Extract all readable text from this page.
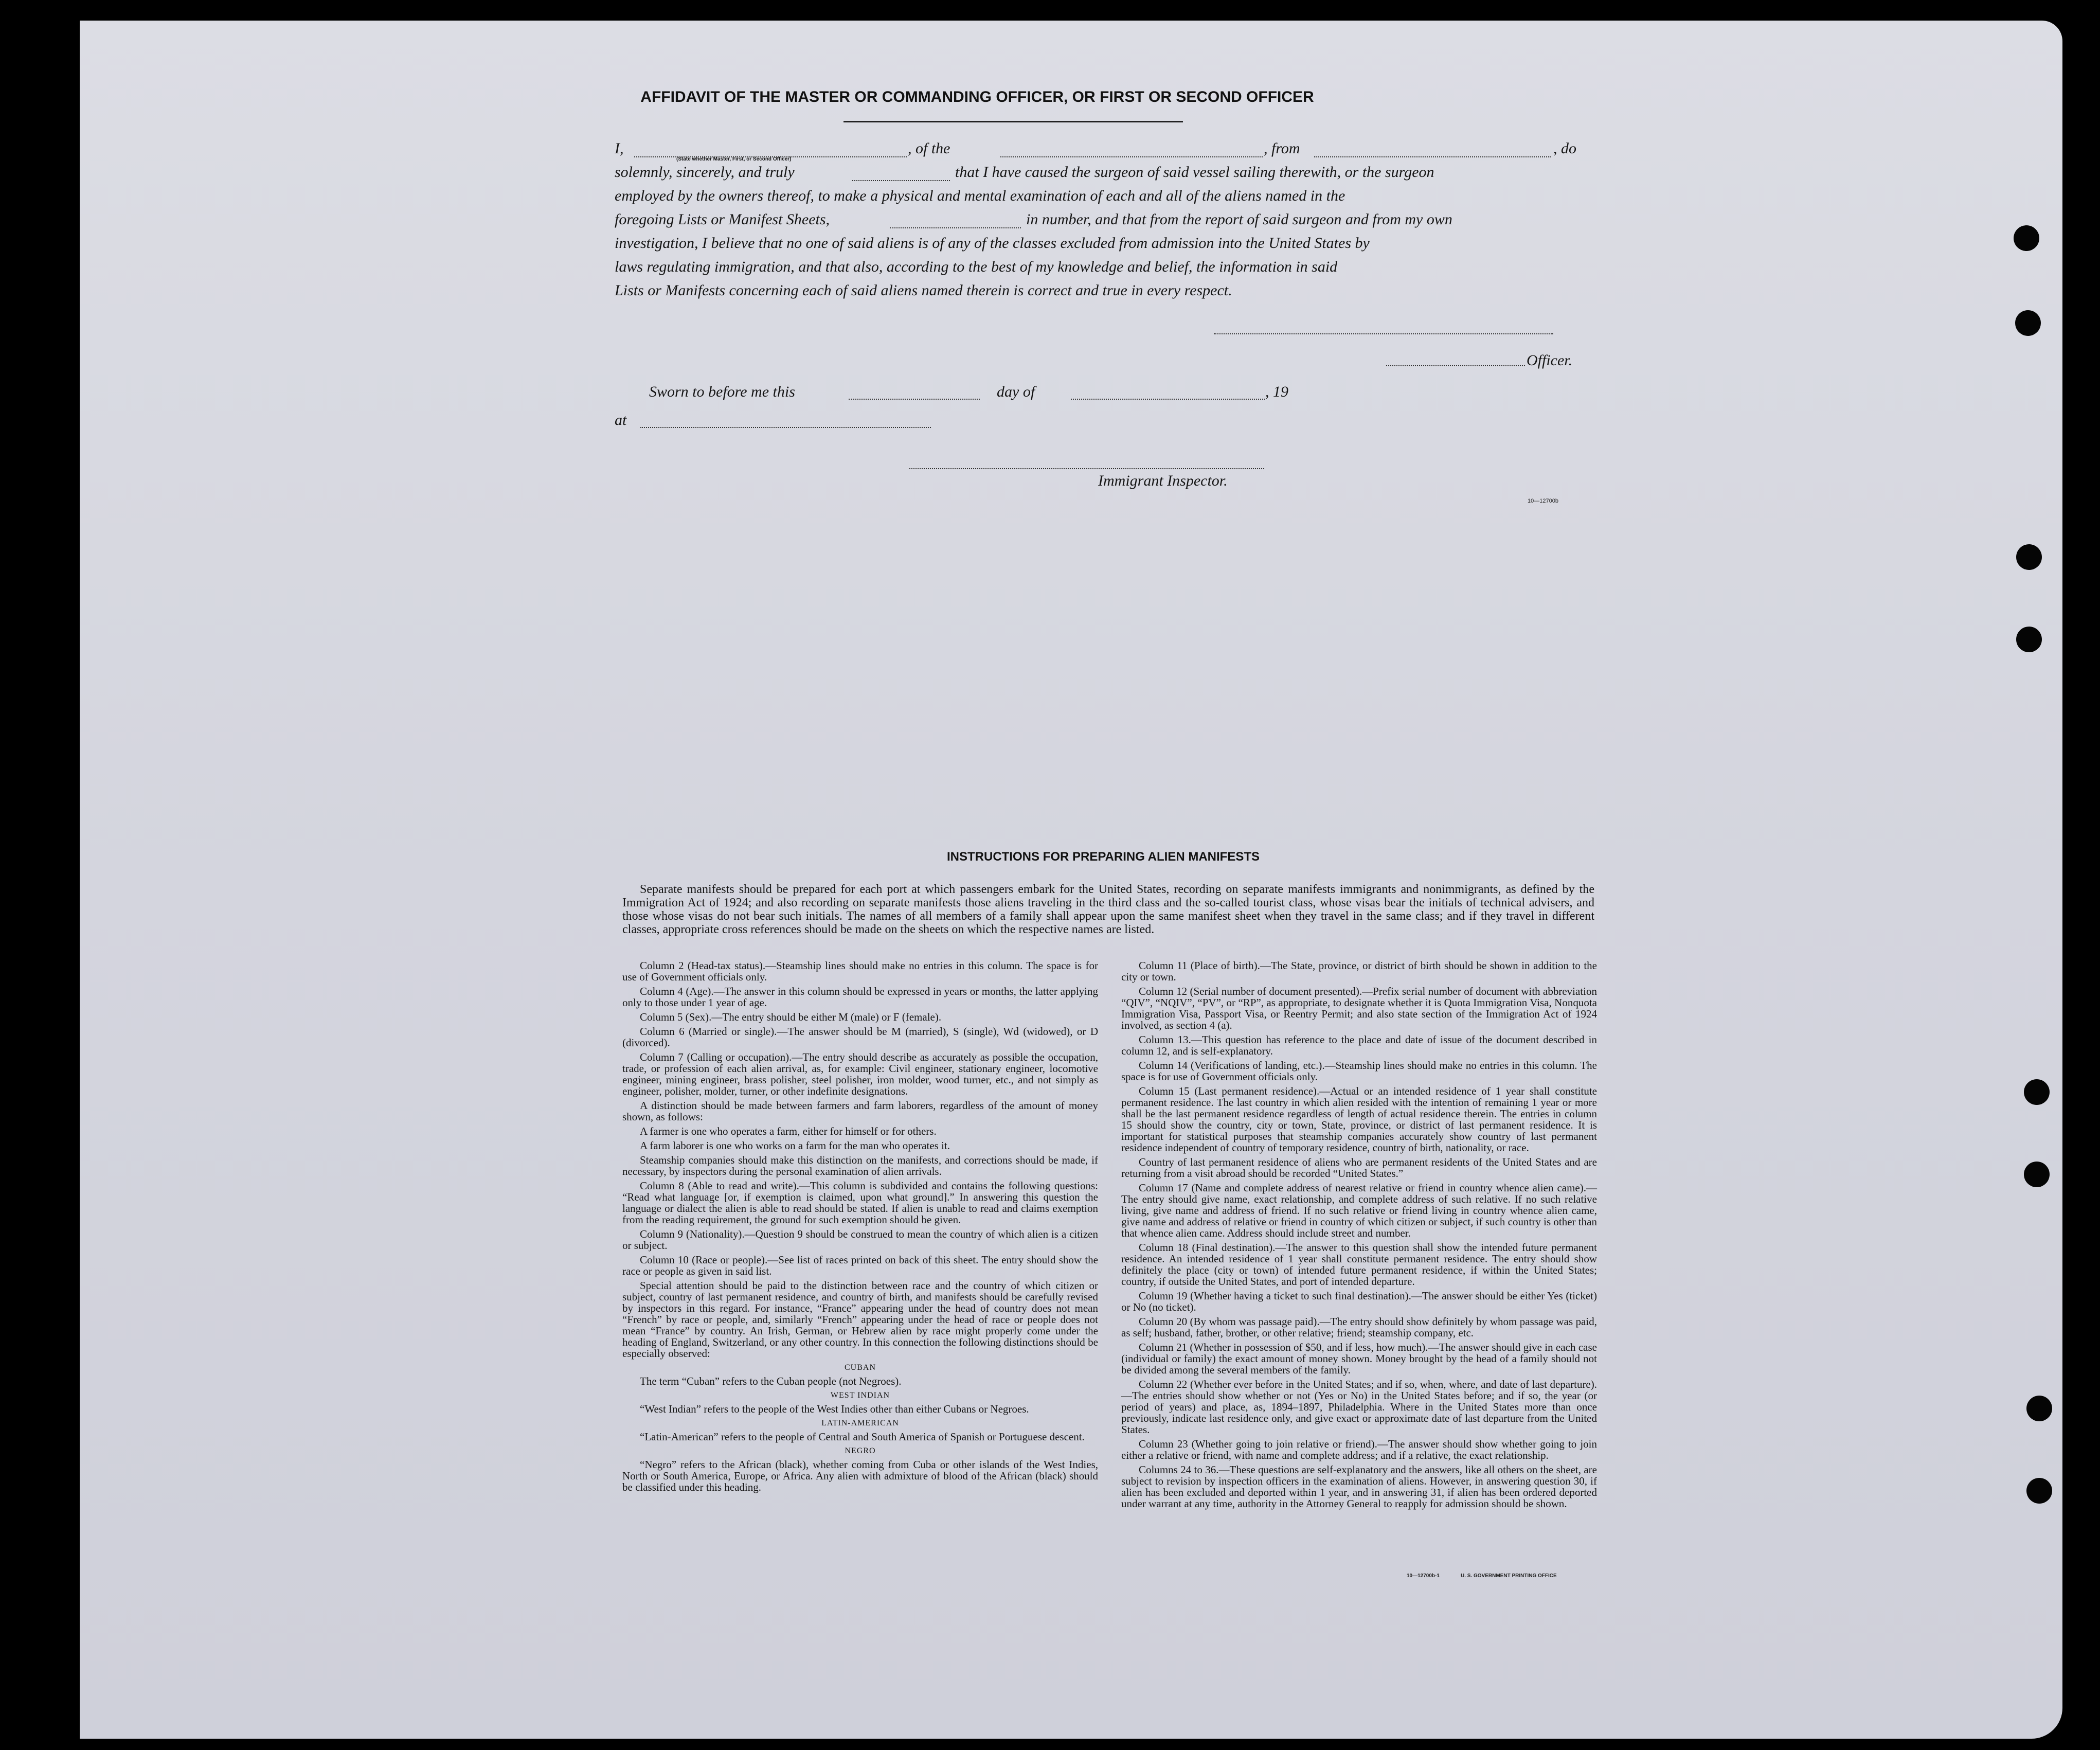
AFFIDAVIT OF THE MASTER OR COMMANDING OFFICER, OR FIRST OR SECOND OFFICER
I,
(State whether Master, First, or Second Officer)
, of the	, from	, do
solemnly, sincerely, and truly	that I have caused the surgeon of said vessel sailing therewith, or the surgeon
employed by the owners thereof, to make a physical and mental examination of each and all of the aliens named in the
foregoing Lists or Manifest Sheets,	in number, and that from the report of said surgeon and from my own
investigation, I believe that no one of said aliens is of any of the classes excluded from admission into the United States by
laws regulating immigration, and that also, according to the best of my knowledge and belief, the information in said
Lists or Manifests concerning each of said aliens named therein is correct and true in every respect.
Officer.
Sworn to before me this	day of	, 19
at
Immigrant Inspector.
10—12700b
INSTRUCTIONS FOR PREPARING ALIEN MANIFESTS

Separate manifests should be prepared for each port at which passengers embark for the United States, recording on separate manifests immigrants and nonimmigrants, as defined by the Immigration Act of 1924; and also recording on separate manifests those aliens traveling in the third class and the so-called tourist class, whose visas bear the initials of technical advisers, and those whose visas do not bear such initials. The names of all members of a family shall appear upon the same manifest sheet when they travel in the same class; and if they travel in different classes, appropriate cross references should be made on the sheets on which the respective names are listed.

Column 2 (Head-tax status).—Steamship lines should make no entries in this column. The space is for use of Government officials only.

Column 4 (Age).—The answer in this column should be expressed in years or months, the latter applying only to those under 1 year of age.

Column 5 (Sex).—The entry should be either M (male) or F (female).

Column 6 (Married or single).—The answer should be M (married), S (single), Wd (widowed), or D (divorced).

Column 7 (Calling or occupation).—The entry should describe as accurately as possible the occupation, trade, or profession of each alien arrival, as, for example: Civil engineer, stationary engineer, locomotive engineer, mining engineer, brass polisher, steel polisher, iron molder, wood turner, etc., and not simply as engineer, polisher, molder, turner, or other indefinite designations.

A distinction should be made between farmers and farm laborers, regardless of the amount of money shown, as follows:

A farmer is one who operates a farm, either for himself or for others.

A farm laborer is one who works on a farm for the man who operates it.

Steamship companies should make this distinction on the manifests, and corrections should be made, if necessary, by inspectors during the personal examination of alien arrivals.

Column 8 (Able to read and write).—This column is subdivided and contains the following questions: “Read what language [or, if exemption is claimed, upon what ground].” In answering this question the language or dialect the alien is able to read should be stated. If alien is unable to read and claims exemption from the reading requirement, the ground for such exemption should be given.

Column 9 (Nationality).—Question 9 should be construed to mean the country of which alien is a citizen or subject.

Column 10 (Race or people).—See list of races printed on back of this sheet. The entry should show the race or people as given in said list.

Special attention should be paid to the distinction between race and the country of which citizen or subject, country of last permanent residence, and country of birth, and manifests should be carefully revised by inspectors in this regard. For instance, “France” appearing under the head of country does not mean “French” by race or people, and, similarly “French” appearing under the head of race or people does not mean “France” by country. An Irish, German, or Hebrew alien by race might properly come under the heading of England, Switzerland, or any other country. In this connection the following distinctions should be especially observed:

CUBAN

The term “Cuban” refers to the Cuban people (not Negroes).

WEST INDIAN

“West Indian” refers to the people of the West Indies other than either Cubans or Negroes.

LATIN-AMERICAN

“Latin-American” refers to the people of Central and South America of Spanish or Portuguese descent.

NEGRO

“Negro” refers to the African (black), whether coming from Cuba or other islands of the West Indies, North or South America, Europe, or Africa. Any alien with admixture of blood of the African (black) should be classified under this heading.

Column 11 (Place of birth).—The State, province, or district of birth should be shown in addition to the city or town.

Column 12 (Serial number of document presented).—Prefix serial number of document with abbreviation “QIV”, “NQIV”, “PV”, or “RP”, as appropriate, to designate whether it is Quota Immigration Visa, Nonquota Immigration Visa, Passport Visa, or Reentry Permit; and also state section of the Immigration Act of 1924 involved, as section 4 (a).

Column 13.—This question has reference to the place and date of issue of the document described in column 12, and is self-explanatory.

Column 14 (Verifications of landing, etc.).—Steamship lines should make no entries in this column. The space is for use of Government officials only.

Column 15 (Last permanent residence).—Actual or an intended residence of 1 year shall constitute permanent residence. The last country in which alien resided with the intention of remaining 1 year or more shall be the last permanent residence regardless of length of actual residence therein. The entries in column 15 should show the country, city or town, State, province, or district of last permanent residence. It is important for statistical purposes that steamship companies accurately show country of last permanent residence independent of country of temporary residence, country of birth, nationality, or race.

Country of last permanent residence of aliens who are permanent residents of the United States and are returning from a visit abroad should be recorded “United States.”

Column 17 (Name and complete address of nearest relative or friend in country whence alien came).—The entry should give name, exact relationship, and complete address of such relative. If no such relative living, give name and address of friend. If no such relative or friend living in country whence alien came, give name and address of relative or friend in country of which citizen or subject, if such country is other than that whence alien came. Address should include street and number.

Column 18 (Final destination).—The answer to this question shall show the intended future permanent residence. An intended residence of 1 year shall constitute permanent residence. The entry should show definitely the place (city or town) of intended future permanent residence, if within the United States; country, if outside the United States, and port of intended departure.

Column 19 (Whether having a ticket to such final destination).—The answer should be either Yes (ticket) or No (no ticket).

Column 20 (By whom was passage paid).—The entry should show definitely by whom passage was paid, as self; husband, father, brother, or other relative; friend; steamship company, etc.

Column 21 (Whether in possession of $50, and if less, how much).—The answer should give in each case (individual or family) the exact amount of money shown. Money brought by the head of a family should not be divided among the several members of the family.

Column 22 (Whether ever before in the United States; and if so, when, where, and date of last departure).—The entries should show whether or not (Yes or No) in the United States before; and if so, the year (or period of years) and place, as, 1894–1897, Philadelphia. Where in the United States more than once previously, indicate last residence only, and give exact or approximate date of last departure from the United States.

Column 23 (Whether going to join relative or friend).—The answer should show whether going to join either a relative or friend, with name and complete address; and if a relative, the exact relationship.

Columns 24 to 36.—These questions are self-explanatory and the answers, like all others on the sheet, are subject to revision by inspection officers in the examination of aliens. However, in answering question 30, if alien has been excluded and deported within 1 year, and in answering 31, if alien has been ordered deported under warrant at any time, authority in the Attorney General to reapply for admission should be shown.

10—12700b-1	U. S. GOVERNMENT PRINTING OFFICE
